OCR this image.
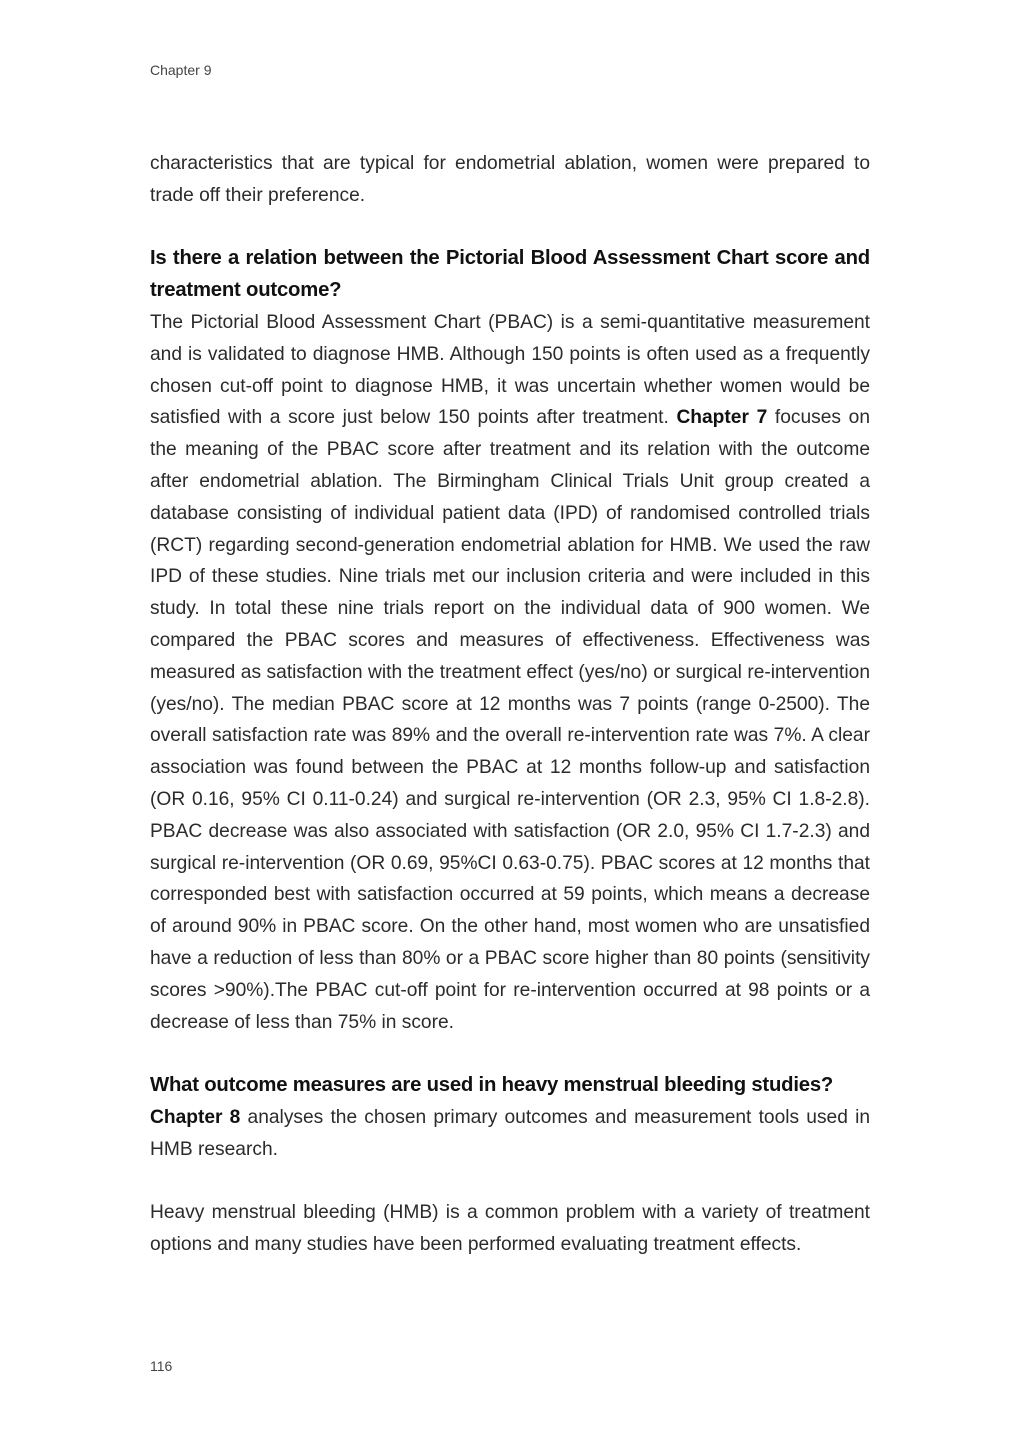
Chapter 9

characteristics that are typical for endometrial ablation, women were prepared to trade off their preference.

Is there a relation between the Pictorial Blood Assessment Chart score and treatment outcome?

The Pictorial Blood Assessment Chart (PBAC) is a semi-quantitative measurement and is validated to diagnose HMB. Although 150 points is often used as a frequently chosen cut-off point to diagnose HMB, it was uncertain whether women would be satisfied with a score just below 150 points after treatment. Chapter 7 focuses on the meaning of the PBAC score after treatment and its relation with the outcome after endometrial ablation. The Birmingham Clinical Trials Unit group created a database consisting of individual patient data (IPD) of randomised controlled trials (RCT) regarding second-generation endometrial ablation for HMB. We used the raw IPD of these studies. Nine trials met our inclusion criteria and were included in this study. In total these nine trials report on the individual data of 900 women. We compared the PBAC scores and measures of effectiveness. Effectiveness was measured as satisfaction with the treatment effect (yes/no) or surgical re-intervention (yes/no). The median PBAC score at 12 months was 7 points (range 0-2500). The overall satisfaction rate was 89% and the overall re-intervention rate was 7%. A clear association was found between the PBAC at 12 months follow-up and satisfaction (OR 0.16, 95% CI 0.11-0.24) and surgical re-intervention (OR 2.3, 95% CI 1.8-2.8). PBAC decrease was also associated with satisfaction (OR 2.0, 95% CI 1.7-2.3) and surgical re-intervention (OR 0.69, 95%CI 0.63-0.75). PBAC scores at 12 months that corresponded best with satisfaction occurred at 59 points, which means a decrease of around 90% in PBAC score. On the other hand, most women who are unsatisfied have a reduction of less than 80% or a PBAC score higher than 80 points (sensitivity scores >90%).The PBAC cut-off point for re-intervention occurred at 98 points or a decrease of less than 75% in score.

What outcome measures are used in heavy menstrual bleeding studies?

Chapter 8 analyses the chosen primary outcomes and measurement tools used in HMB research.

Heavy menstrual bleeding (HMB) is a common problem with a variety of treatment options and many studies have been performed evaluating treatment effects.

116
